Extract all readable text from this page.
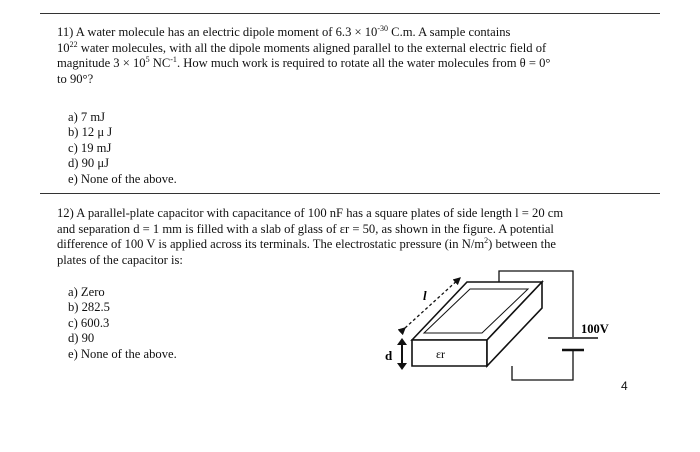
11) A water molecule has an electric dipole moment of $6.3 \times 10^{-30}$ C.m. A sample contains

$10^{22}$ water molecules, with all the dipole moments aligned parallel to the external electric field of

magnitude $3 \times 10^5$ $NC^{-1}$. How much work is required to rotate all the water molecules from θ = 0°

to 90°?

a) 7 mJ
b) 12 μ J
c) 19 mJ
d) 90 μJ
e) None of the above.

12) A parallel-plate capacitor with capacitance of 100 nF has a square plates of side length l = 20 cm

and separation d = 1 mm is filled with a slab of glass of εr = 50, as shown in the figure. A potential

difference of 100 V is applied across its terminals. The electrostatic pressure (in $N/m^2$) between the

plates of the capacitor is:

a) Zero
b) 282.5
c) 600.3
d) 90
e) None of the above.
l
d	εr
100V
4
